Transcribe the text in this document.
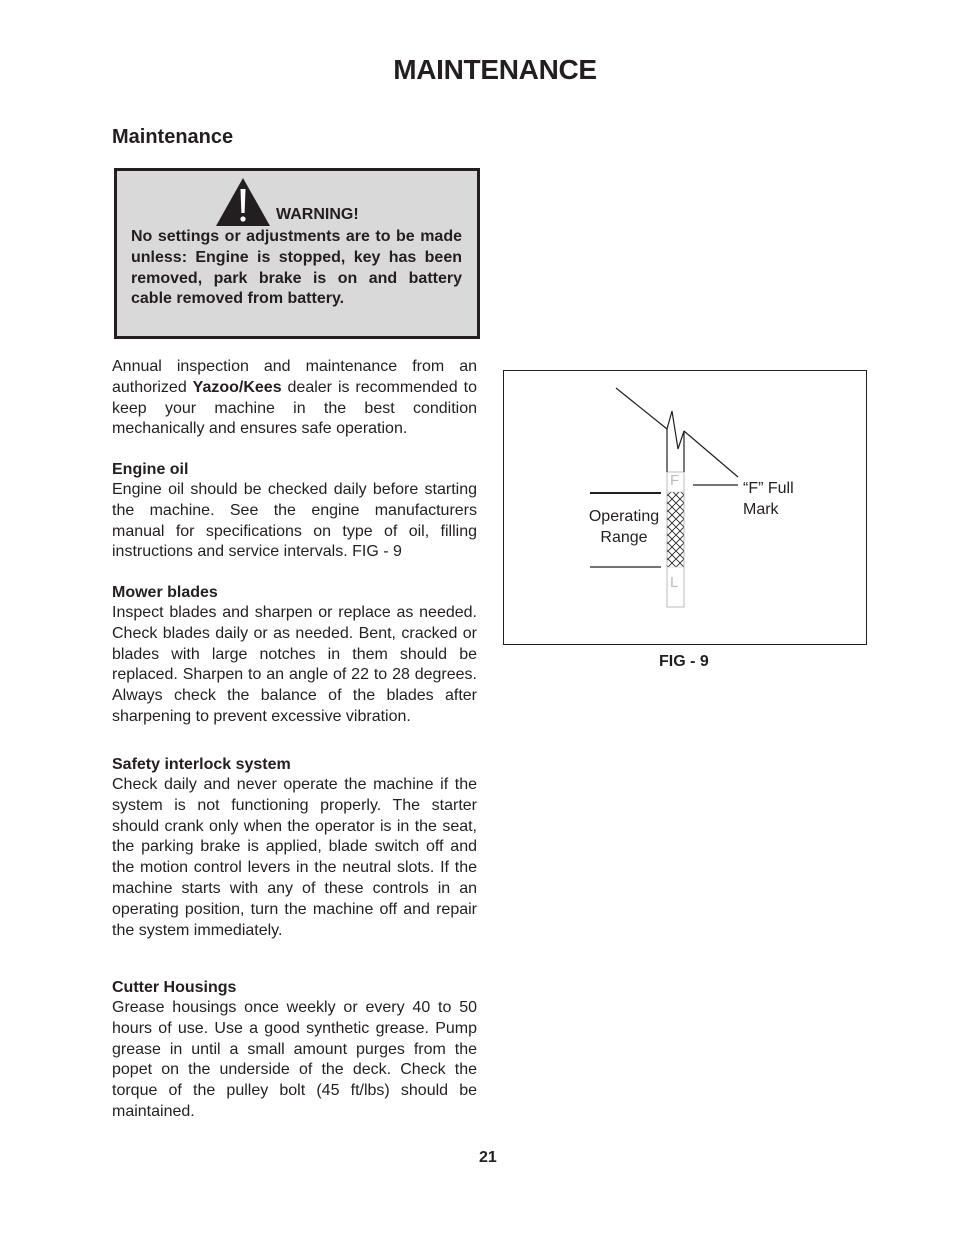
MAINTENANCE
Maintenance
WARNING!

No settings or adjustments are to be made unless: Engine is stopped, key has been removed, park brake is on and battery cable removed from battery.

Annual inspection and maintenance from an authorized Yazoo/Kees dealer is recommended to keep your machine in the best condition mechanically and ensures safe operation.

Engine oil

Engine oil should be checked daily before starting the machine. See the engine manufacturers manual for specifications on type of oil, filling instructions and service intervals. FIG - 9

Mower blades

Inspect blades and sharpen or replace as needed. Check blades daily or as needed. Bent, cracked or blades with large notches in them should be replaced. Sharpen to an angle of 22 to 28 degrees. Always check the balance of the blades after sharpening to prevent excessive vibration.

Safety interlock system

Check daily and never operate the machine if the system is not functioning properly. The starter should crank only when the operator is in the seat, the parking brake is applied, blade switch off and the motion control levers in the neutral slots. If the machine starts with any of these controls in an operating position, turn the machine off and repair the system immediately.

Cutter Housings

Grease housings once weekly or every 40 to 50 hours of use. Use a good synthetic grease. Pump grease in until a small amount purges from the popet on the underside of the deck. Check the torque of the pulley bolt (45 ft/lbs) should be maintained.

F
L
“F” Full
Mark
Operating
Range
FIG - 9
21
